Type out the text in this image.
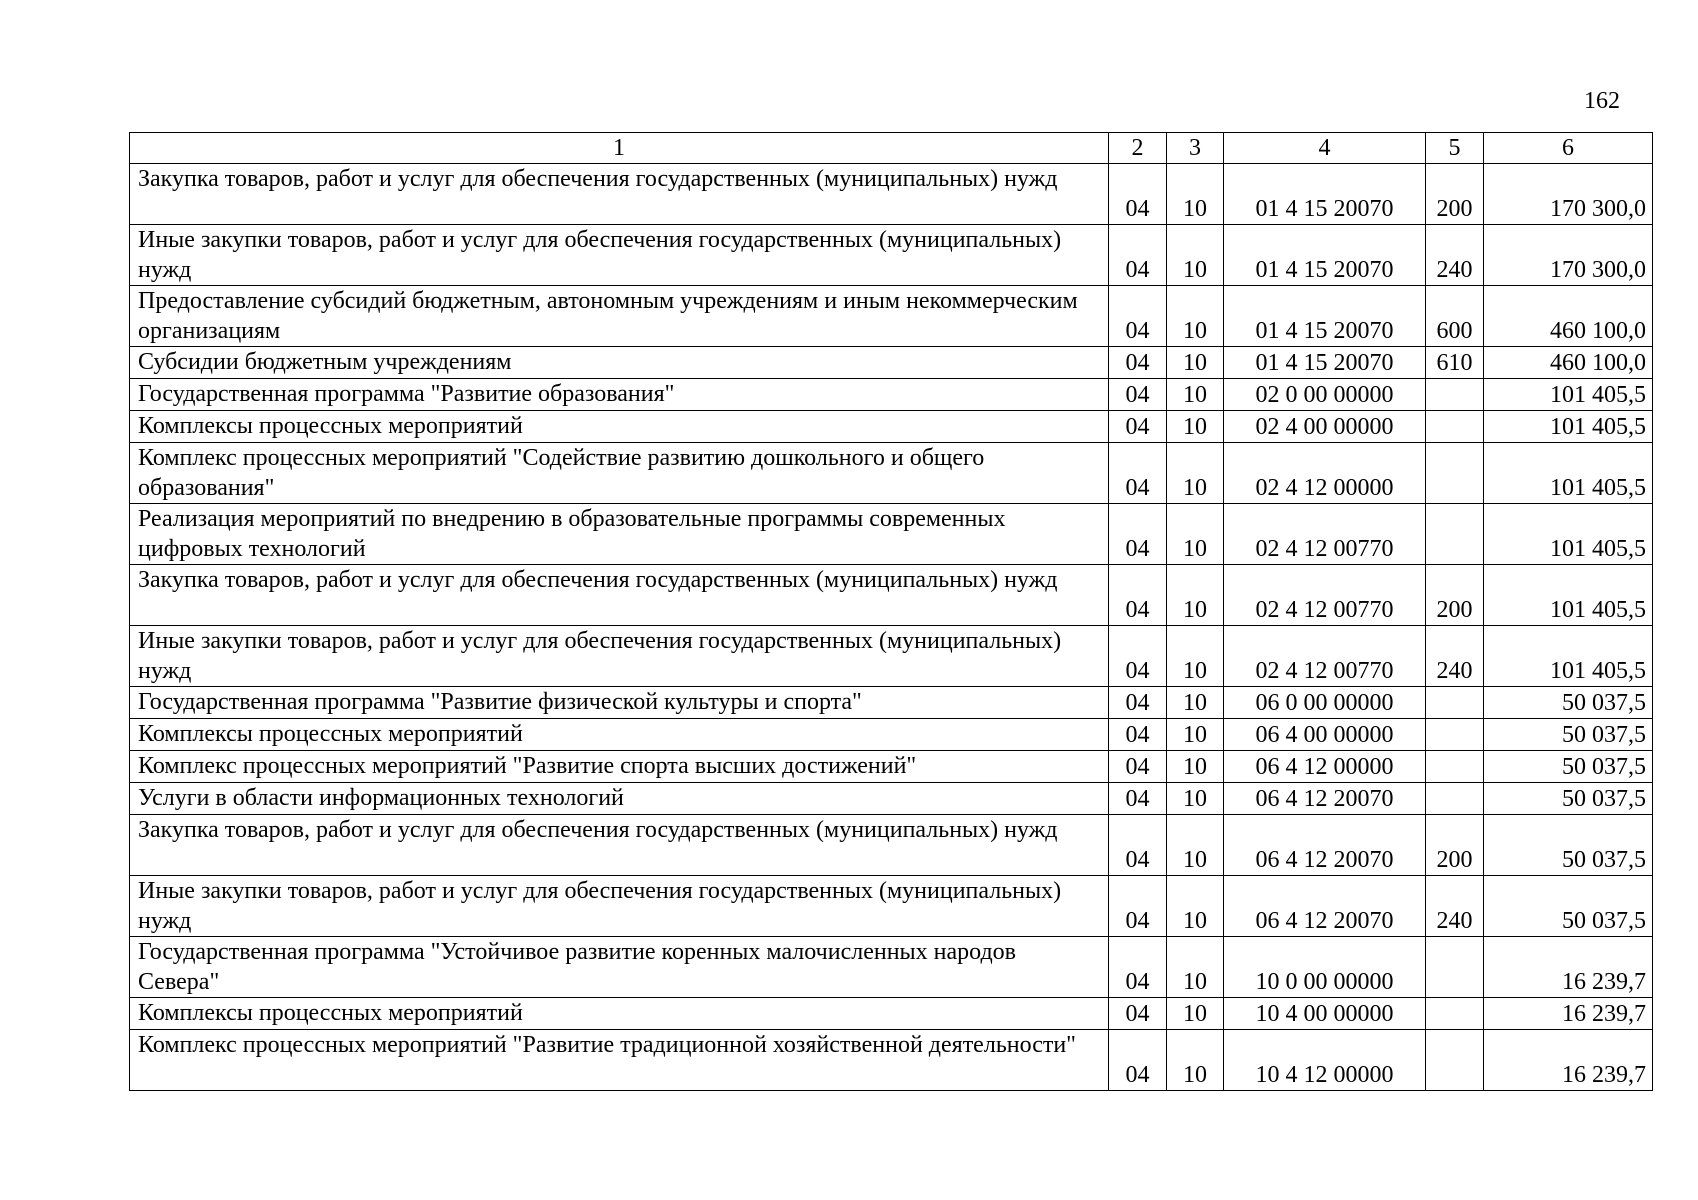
162
1	2	3	4	5	6
Закупка товаров, работ и услуг для обеспечения государственных (муниципальных) нужд	04	10	01 4 15 20070	200	170 300,0
Иные закупки товаров, работ и услуг для обеспечения государственных (муниципальных) нужд	04	10	01 4 15 20070	240	170 300,0
Предоставление субсидий бюджетным, автономным учреждениям и иным некоммерческим организациям	04	10	01 4 15 20070	600	460 100,0
Субсидии бюджетным учреждениям	04	10	01 4 15 20070	610	460 100,0
Государственная программа "Развитие образования"	04	10	02 0 00 00000		101 405,5
Комплексы процессных мероприятий	04	10	02 4 00 00000		101 405,5
Комплекс процессных мероприятий "Содействие развитию дошкольного и общего образования"	04	10	02 4 12 00000		101 405,5
Реализация мероприятий по внедрению в образовательные программы современных цифровых технологий	04	10	02 4 12 00770		101 405,5
Закупка товаров, работ и услуг для обеспечения государственных (муниципальных) нужд	04	10	02 4 12 00770	200	101 405,5
Иные закупки товаров, работ и услуг для обеспечения государственных (муниципальных) нужд	04	10	02 4 12 00770	240	101 405,5
Государственная программа "Развитие физической культуры и спорта"	04	10	06 0 00 00000		50 037,5
Комплексы процессных мероприятий	04	10	06 4 00 00000		50 037,5
Комплекс процессных мероприятий "Развитие спорта высших достижений"	04	10	06 4 12 00000		50 037,5
Услуги в области информационных технологий	04	10	06 4 12 20070		50 037,5
Закупка товаров, работ и услуг для обеспечения государственных (муниципальных) нужд	04	10	06 4 12 20070	200	50 037,5
Иные закупки товаров, работ и услуг для обеспечения государственных (муниципальных) нужд	04	10	06 4 12 20070	240	50 037,5
Государственная программа "Устойчивое развитие коренных малочисленных народов Севера"	04	10	10 0 00 00000		16 239,7
Комплексы процессных мероприятий	04	10	10 4 00 00000		16 239,7
Комплекс процессных мероприятий "Развитие традиционной хозяйственной деятельности"	04	10	10 4 12 00000		16 239,7
